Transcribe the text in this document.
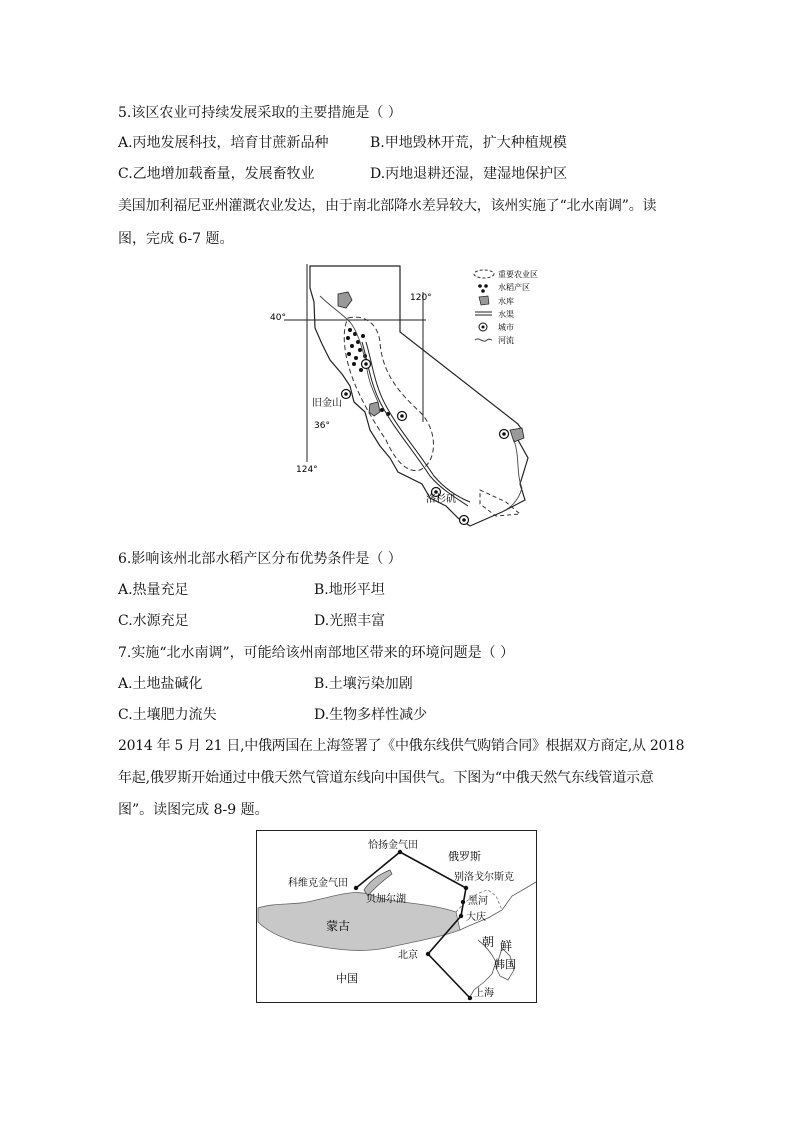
5.该区农业可持续发展采取的主要措施是（ ）
A.丙地发展科技，培育甘蔗新品种	B.甲地毁林开荒，扩大种植规模
C.乙地增加载畜量，发展畜牧业	D.丙地退耕还湿，建湿地保护区
美国加利福尼亚州灌溉农业发达，由于南北部降水差异较大，该州实施了“北水南调”。读
图，完成 6-7 题。
40°
36°
120°
124°
旧金山
洛杉矶
重要农业区
水稻产区
水库
水渠
城市
河流
6.影响该州北部水稻产区分布优势条件是（ ）
A.热量充足	B.地形平坦
C.水源充足	D.光照丰富
7.实施“北水南调”，可能给该州南部地区带来的环境问题是（ ）
A.土地盐碱化	B.土壤污染加剧
C.土壤肥力流失	D.生物多样性减少
2014 年 5 月 21 日,中俄两国在上海签署了《中俄东线供气购销合同》根据双方商定,从 2018
年起,俄罗斯开始通过中俄天然气管道东线向中国供气。下图为“中俄天然气东线管道示意
图”。读图完成 8-9 题。
恰扬金气田
科维克金气田
俄罗斯
别洛戈尔斯克
贝加尔湖	黑河
大庆
蒙古
朝 鲜
韩国
北京
中国
上海
